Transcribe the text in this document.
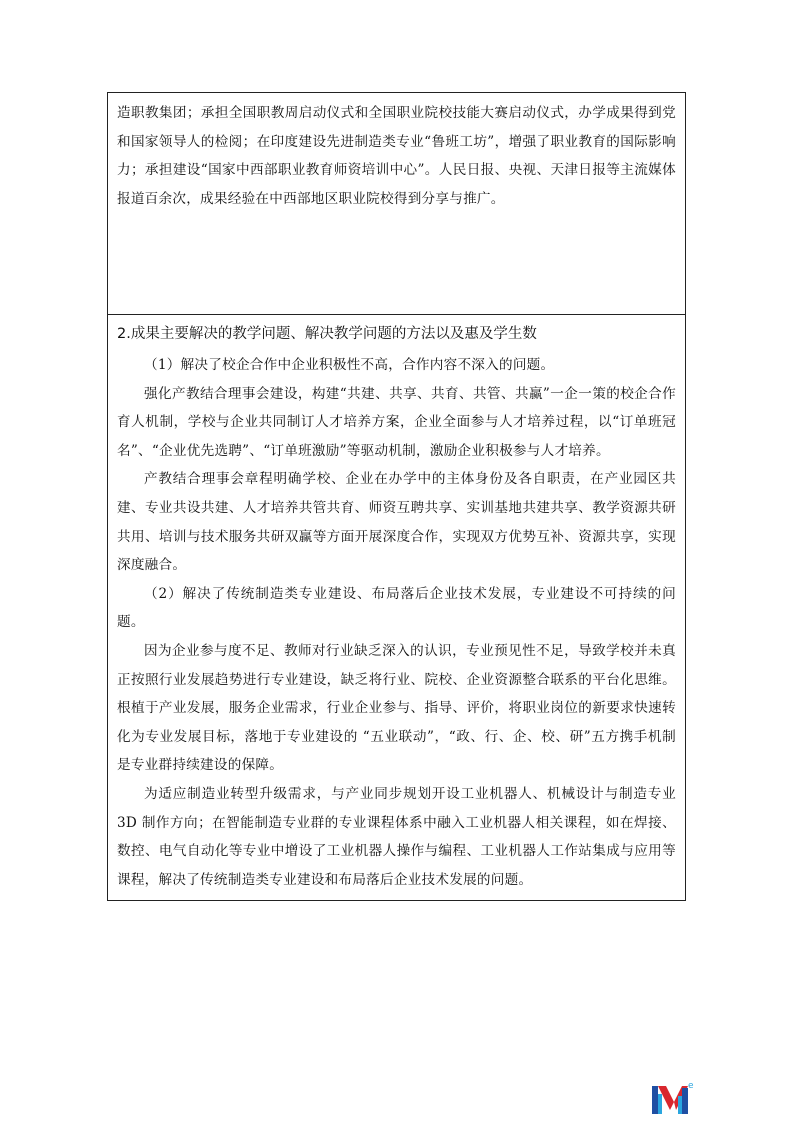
造职教集团；承担全国职教周启动仪式和全国职业院校技能大赛启动仪式，办学成果得到党和国家领导人的检阅；在印度建设先进制造类专业“鲁班工坊”，增强了职业教育的国际影响力；承担建设“国家中西部职业教育师资培训中心”。人民日报、央视、天津日报等主流媒体报道百余次，成果经验在中西部地区职业院校得到分享与推广。

2.成果主要解决的教学问题、解决教学问题的方法以及惠及学生数

（1）解决了校企合作中企业积极性不高，合作内容不深入的问题。

强化产教结合理事会建设，构建“共建、共享、共育、共管、共赢”一企一策的校企合作育人机制，学校与企业共同制订人才培养方案，企业全面参与人才培养过程，以“订单班冠名”、“企业优先选聘”、“订单班激励”等驱动机制，激励企业积极参与人才培养。

产教结合理事会章程明确学校、企业在办学中的主体身份及各自职责，在产业园区共建、专业共设共建、人才培养共管共育、师资互聘共享、实训基地共建共享、教学资源共研共用、培训与技术服务共研双赢等方面开展深度合作，实现双方优势互补、资源共享，实现深度融合。

（2）解决了传统制造类专业建设、布局落后企业技术发展，专业建设不可持续的问题。

因为企业参与度不足、教师对行业缺乏深入的认识，专业预见性不足，导致学校并未真正按照行业发展趋势进行专业建设，缺乏将行业、院校、企业资源整合联系的平台化思维。根植于产业发展，服务企业需求，行业企业参与、指导、评价，将职业岗位的新要求快速转化为专业发展目标，落地于专业建设的 “五业联动”，“政、行、企、校、研”五方携手机制是专业群持续建设的保障。

为适应制造业转型升级需求，与产业同步规划开设工业机器人、机械设计与制造专业 3D 制作方向；在智能制造专业群的专业课程体系中融入工业机器人相关课程，如在焊接、数控、电气自动化等专业中增设了工业机器人操作与编程、工业机器人工作站集成与应用等课程，解决了传统制造类专业建设和布局落后企业技术发展的问题。

e
